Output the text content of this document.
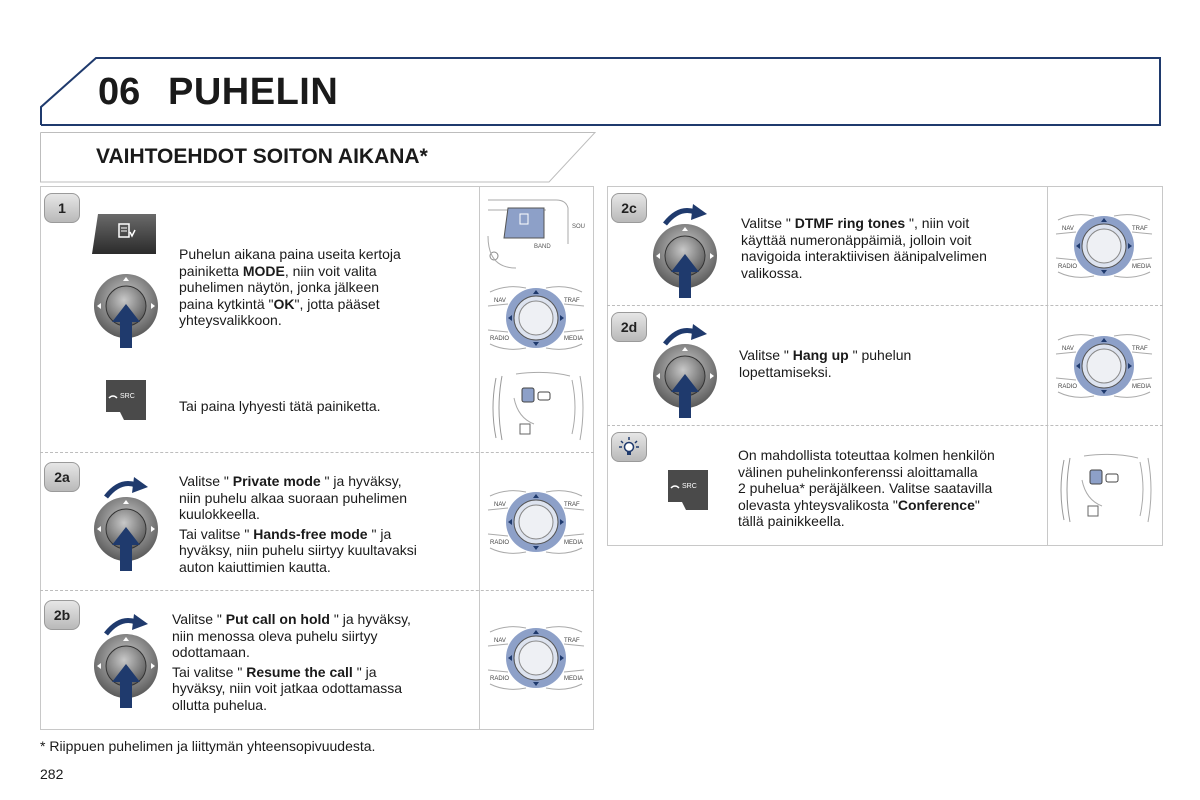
06 PUHELIN
VAIHTOEHDOT SOITON AIKANA*
1

Puhelun aikana paina useita kertoja

painiketta MODE, niin voit valita

puhelimen näytön, jonka jälkeen

paina kytkintä "OK", jotta pääset

yhteysvalikkoon.

SRC
Tai paina lyhyesti tätä painiketta.
2a	Valitse " Private mode " ja hyväksy,

niin puhelu alkaa suoraan puhelimen

kuulokkeella.

Tai valitse " Hands-free mode " ja

hyväksy, niin puhelu siirtyy kuultavaksi

auton kaiuttimien kautta.

2b	Valitse " Put call on hold " ja hyväksy,

niin menossa oleva puhelu siirtyy

odottamaan.

Tai valitse " Resume the call " ja

hyväksy, niin voit jatkaa odottamassa

ollutta puhelua.

BAND
SOU
2c

Valitse " DTMF ring tones ", niin voit

käyttää numeronäppäimiä, jolloin voit

navigoida interaktiivisen äänipalvelimen

valikossa.

2d

Valitse " Hang up " puhelun

lopettamiseksi.

SRC

On mahdollista toteuttaa kolmen henkilön

välinen puhelinkonferenssi aloittamalla

2 puhelua* peräjälkeen. Valitse saatavilla

olevasta yhteysvalikosta "Conference"

tällä painikkeella.

* Riippuen puhelimen ja liittymän yhteensopivuudesta.
282
